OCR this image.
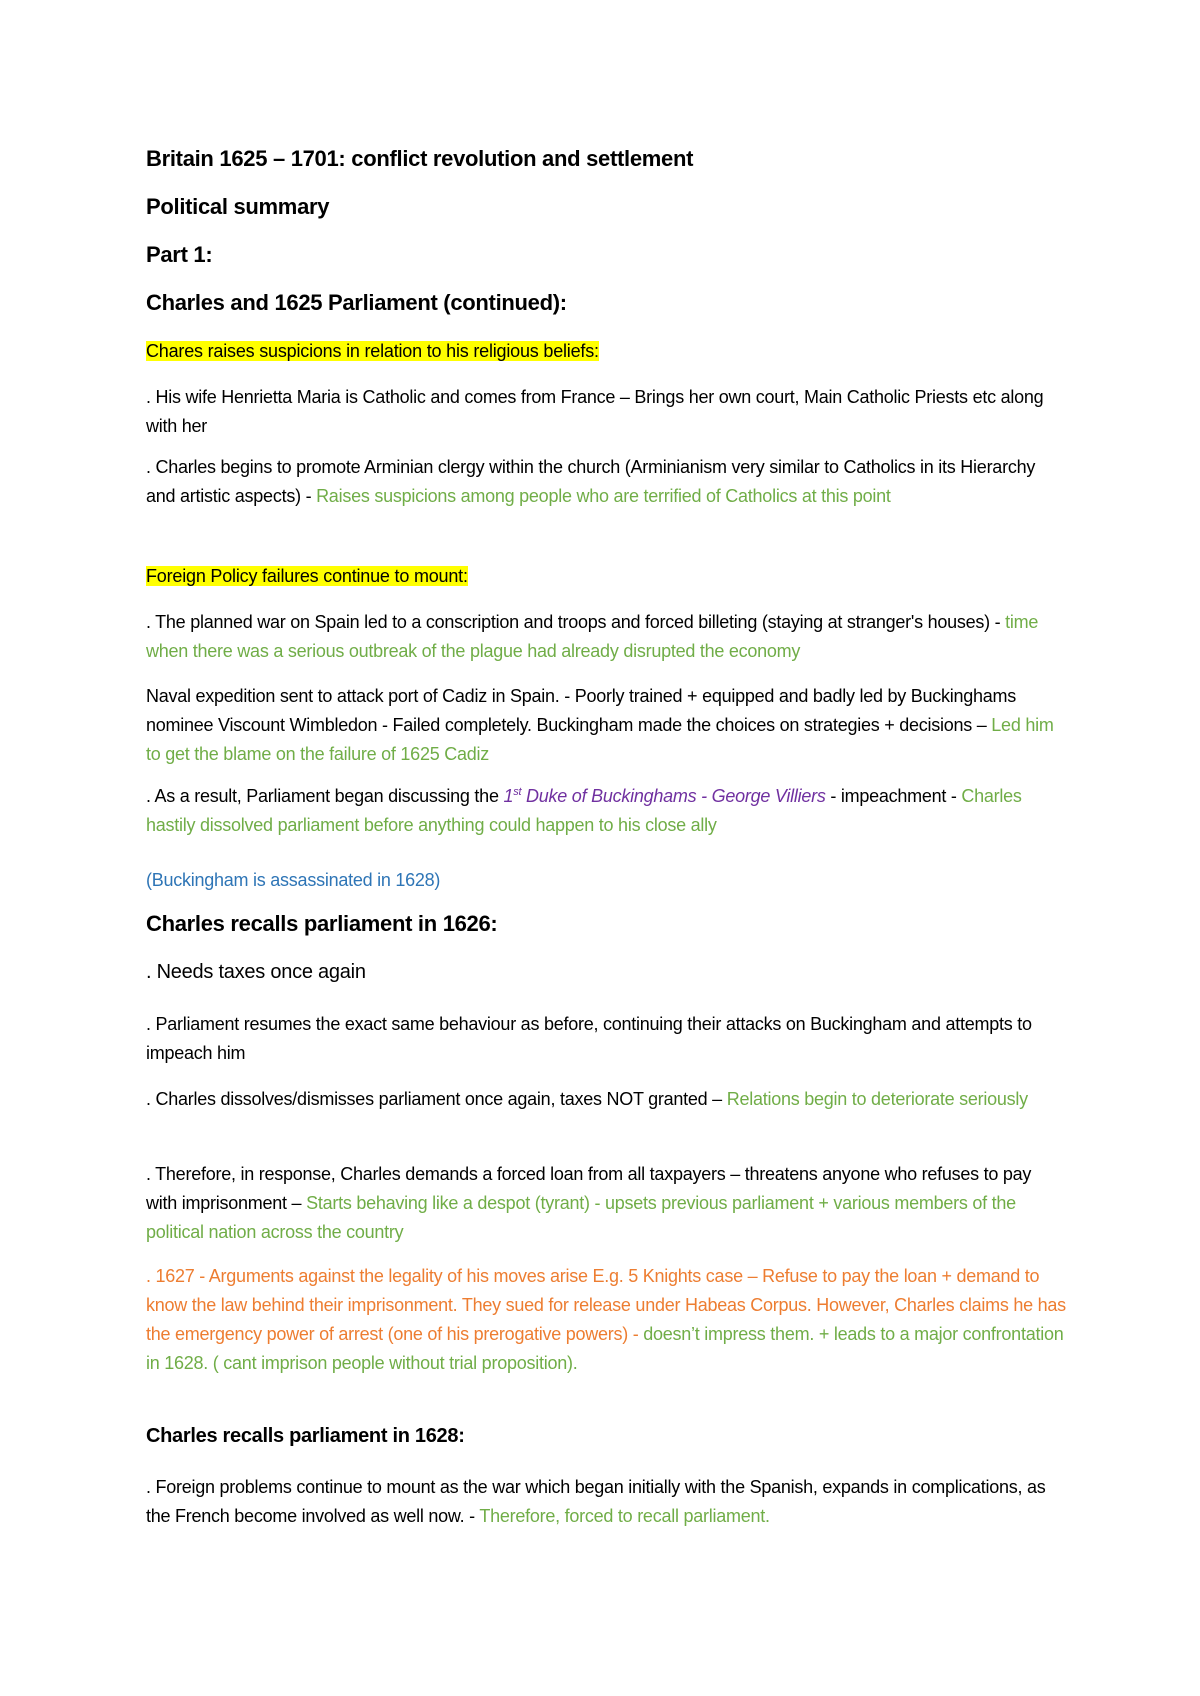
Britain 1625 – 1701: conflict revolution and settlement
Political summary
Part 1:
Charles and 1625 Parliament (continued):
Chares raises suspicions in relation to his religious beliefs:
. His wife Henrietta Maria is Catholic and comes from France – Brings her own court, Main Catholic Priests etc along with her
. Charles begins to promote Arminian clergy within the church (Arminianism very similar to Catholics in its Hierarchy and artistic aspects) - Raises suspicions among people who are terrified of Catholics at this point
Foreign Policy failures continue to mount:
. The planned war on Spain led to a conscription and troops and forced billeting (staying at stranger's houses) - time when there was a serious outbreak of the plague had already disrupted the economy
Naval expedition sent to attack port of Cadiz in Spain. - Poorly trained + equipped and badly led by Buckinghams nominee Viscount Wimbledon - Failed completely. Buckingham made the choices on strategies + decisions – Led him to get the blame on the failure of 1625 Cadiz
. As a result, Parliament began discussing the 1st Duke of Buckinghams - George Villiers - impeachment - Charles hastily dissolved parliament before anything could happen to his close ally
(Buckingham is assassinated in 1628)
Charles recalls parliament in 1626:
. Needs taxes once again
. Parliament resumes the exact same behaviour as before, continuing their attacks on Buckingham and attempts to impeach him
. Charles dissolves/dismisses parliament once again, taxes NOT granted – Relations begin to deteriorate seriously
. Therefore, in response, Charles demands a forced loan from all taxpayers – threatens anyone who refuses to pay with imprisonment – Starts behaving like a despot (tyrant) - upsets previous parliament + various members of the political nation across the country
. 1627 - Arguments against the legality of his moves arise E.g. 5 Knights case – Refuse to pay the loan + demand to know the law behind their imprisonment. They sued for release under Habeas Corpus. However, Charles claims he has the emergency power of arrest (one of his prerogative powers) - doesn’t impress them. + leads to a major confrontation in 1628. ( cant imprison people without trial proposition).
Charles recalls parliament in 1628:
. Foreign problems continue to mount as the war which began initially with the Spanish, expands in complications, as the French become involved as well now. - Therefore, forced to recall parliament.
